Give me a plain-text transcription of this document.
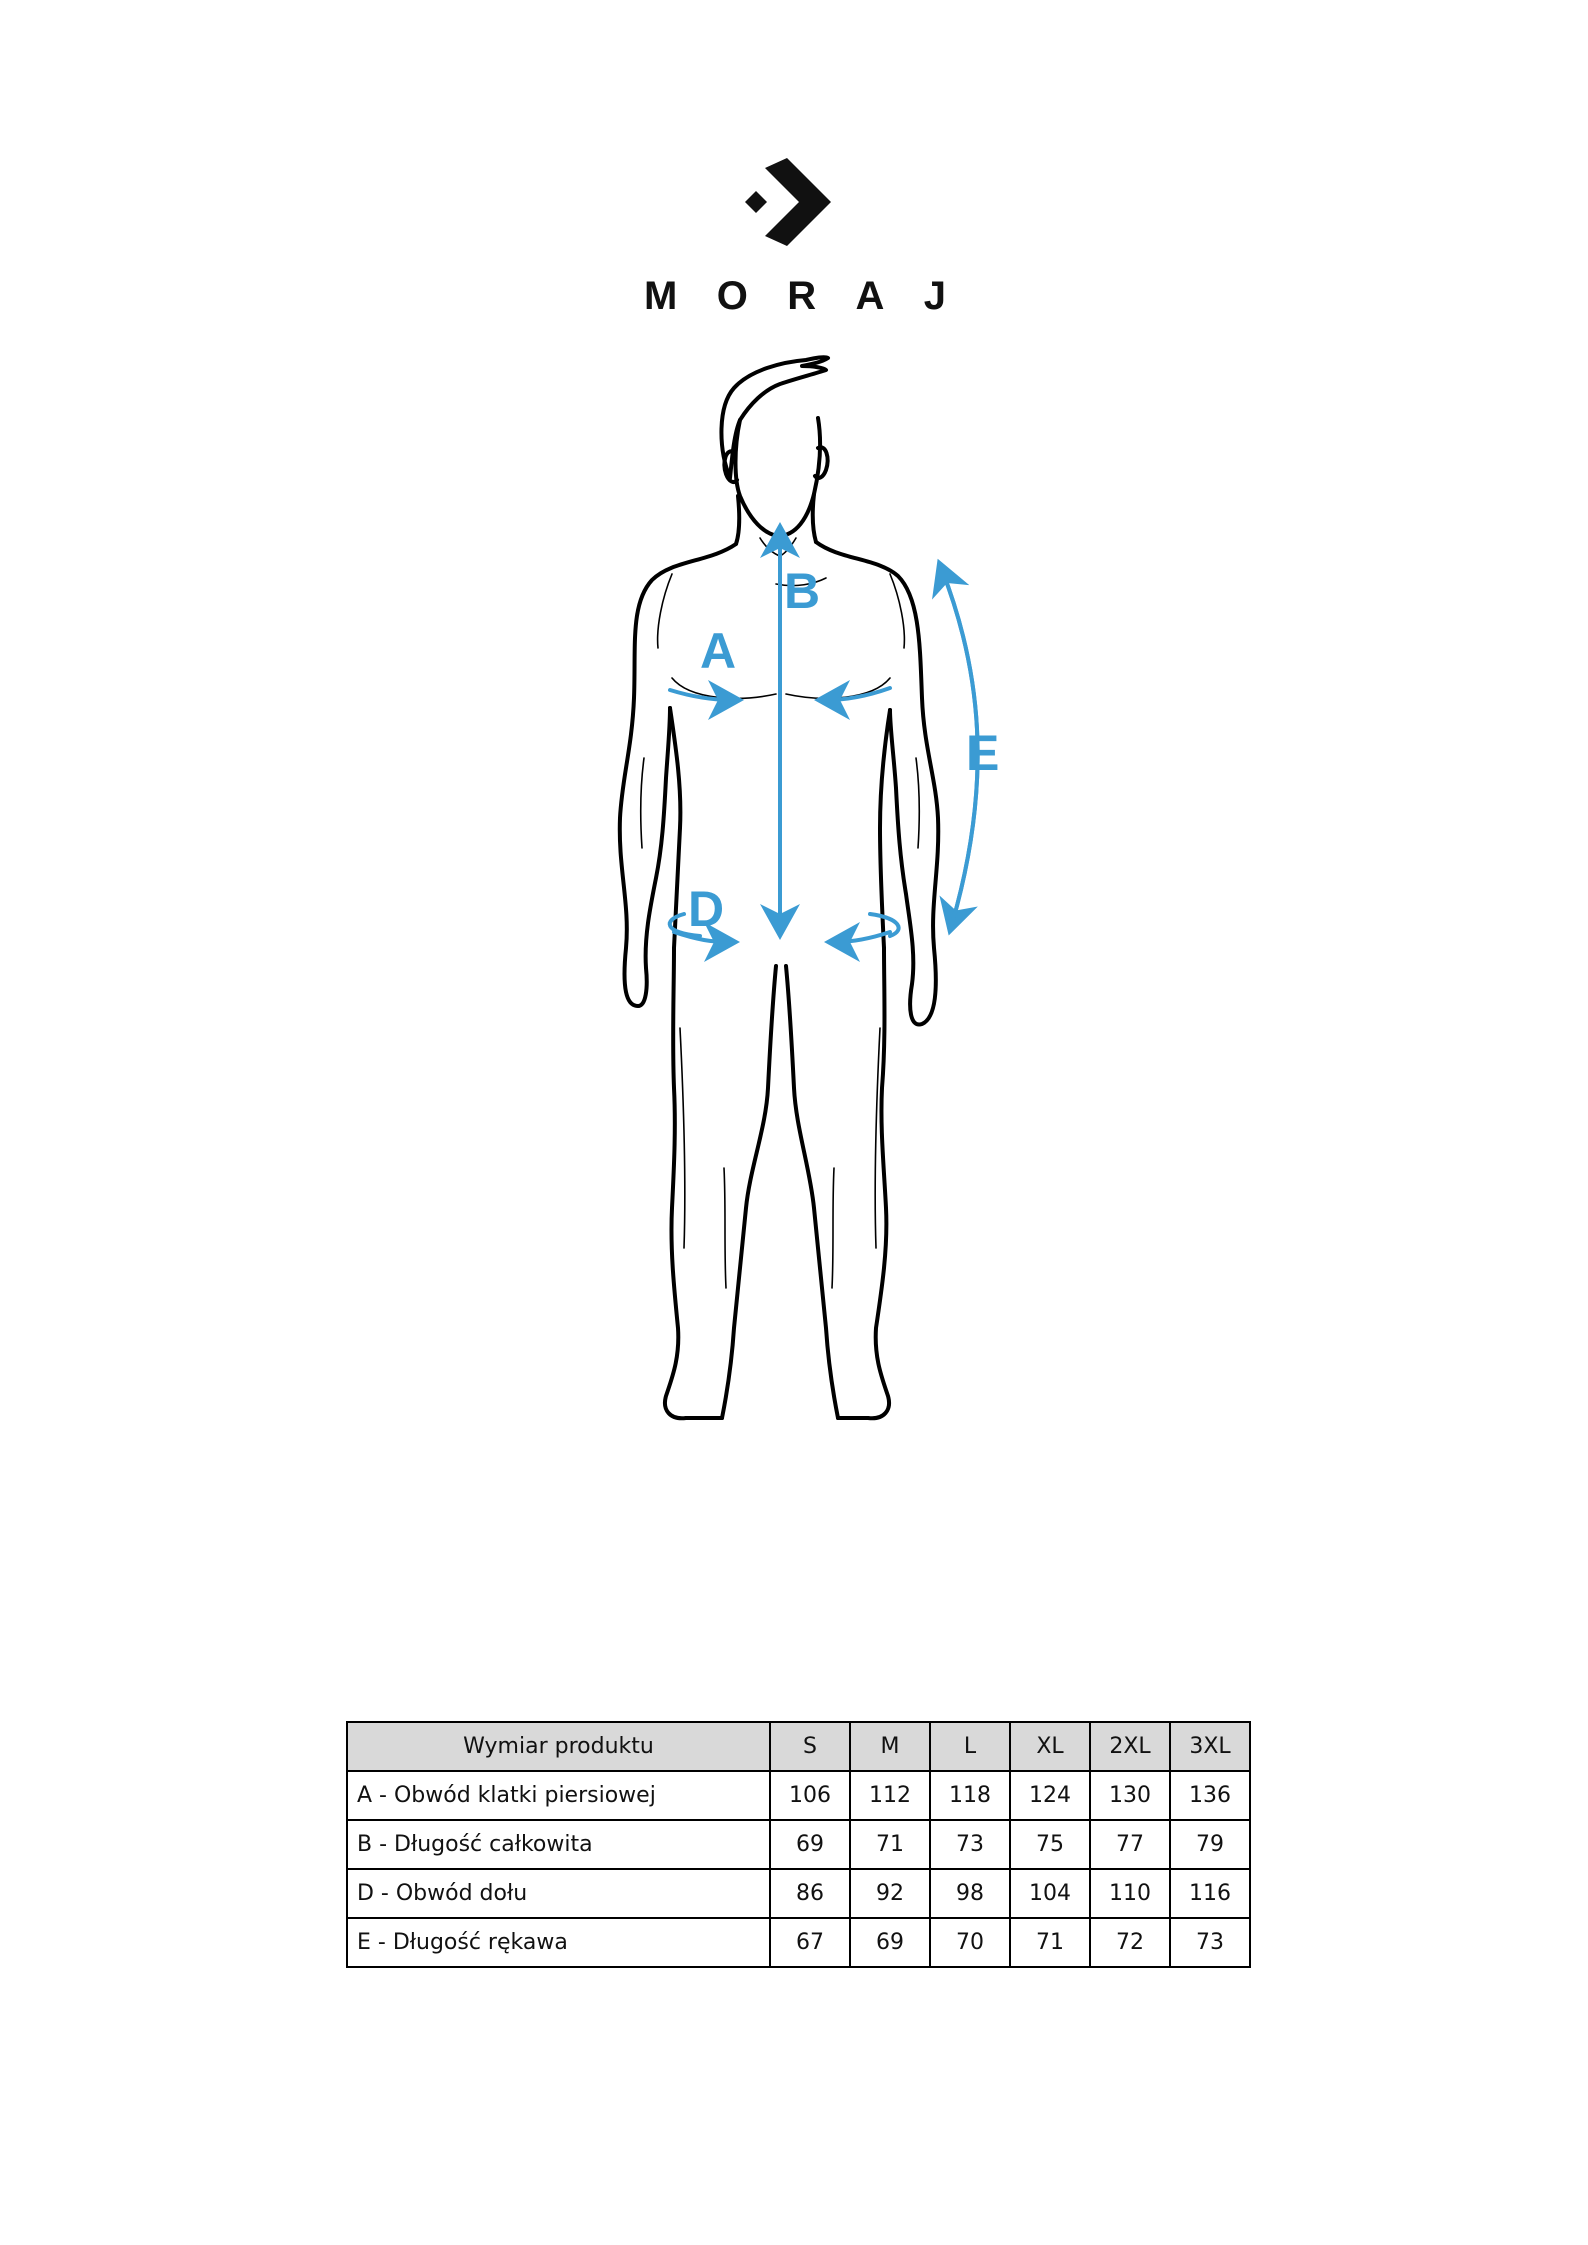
M O R A J
A
B
D
E
Wymiar produktu	S	M	L	XL	2XL	3XL
A - Obwód klatki piersiowej	106	112	118	124	130	136
B - Długość całkowita	69	71	73	75	77	79
D - Obwód dołu	86	92	98	104	110	116
E - Długość rękawa	67	69	70	71	72	73
